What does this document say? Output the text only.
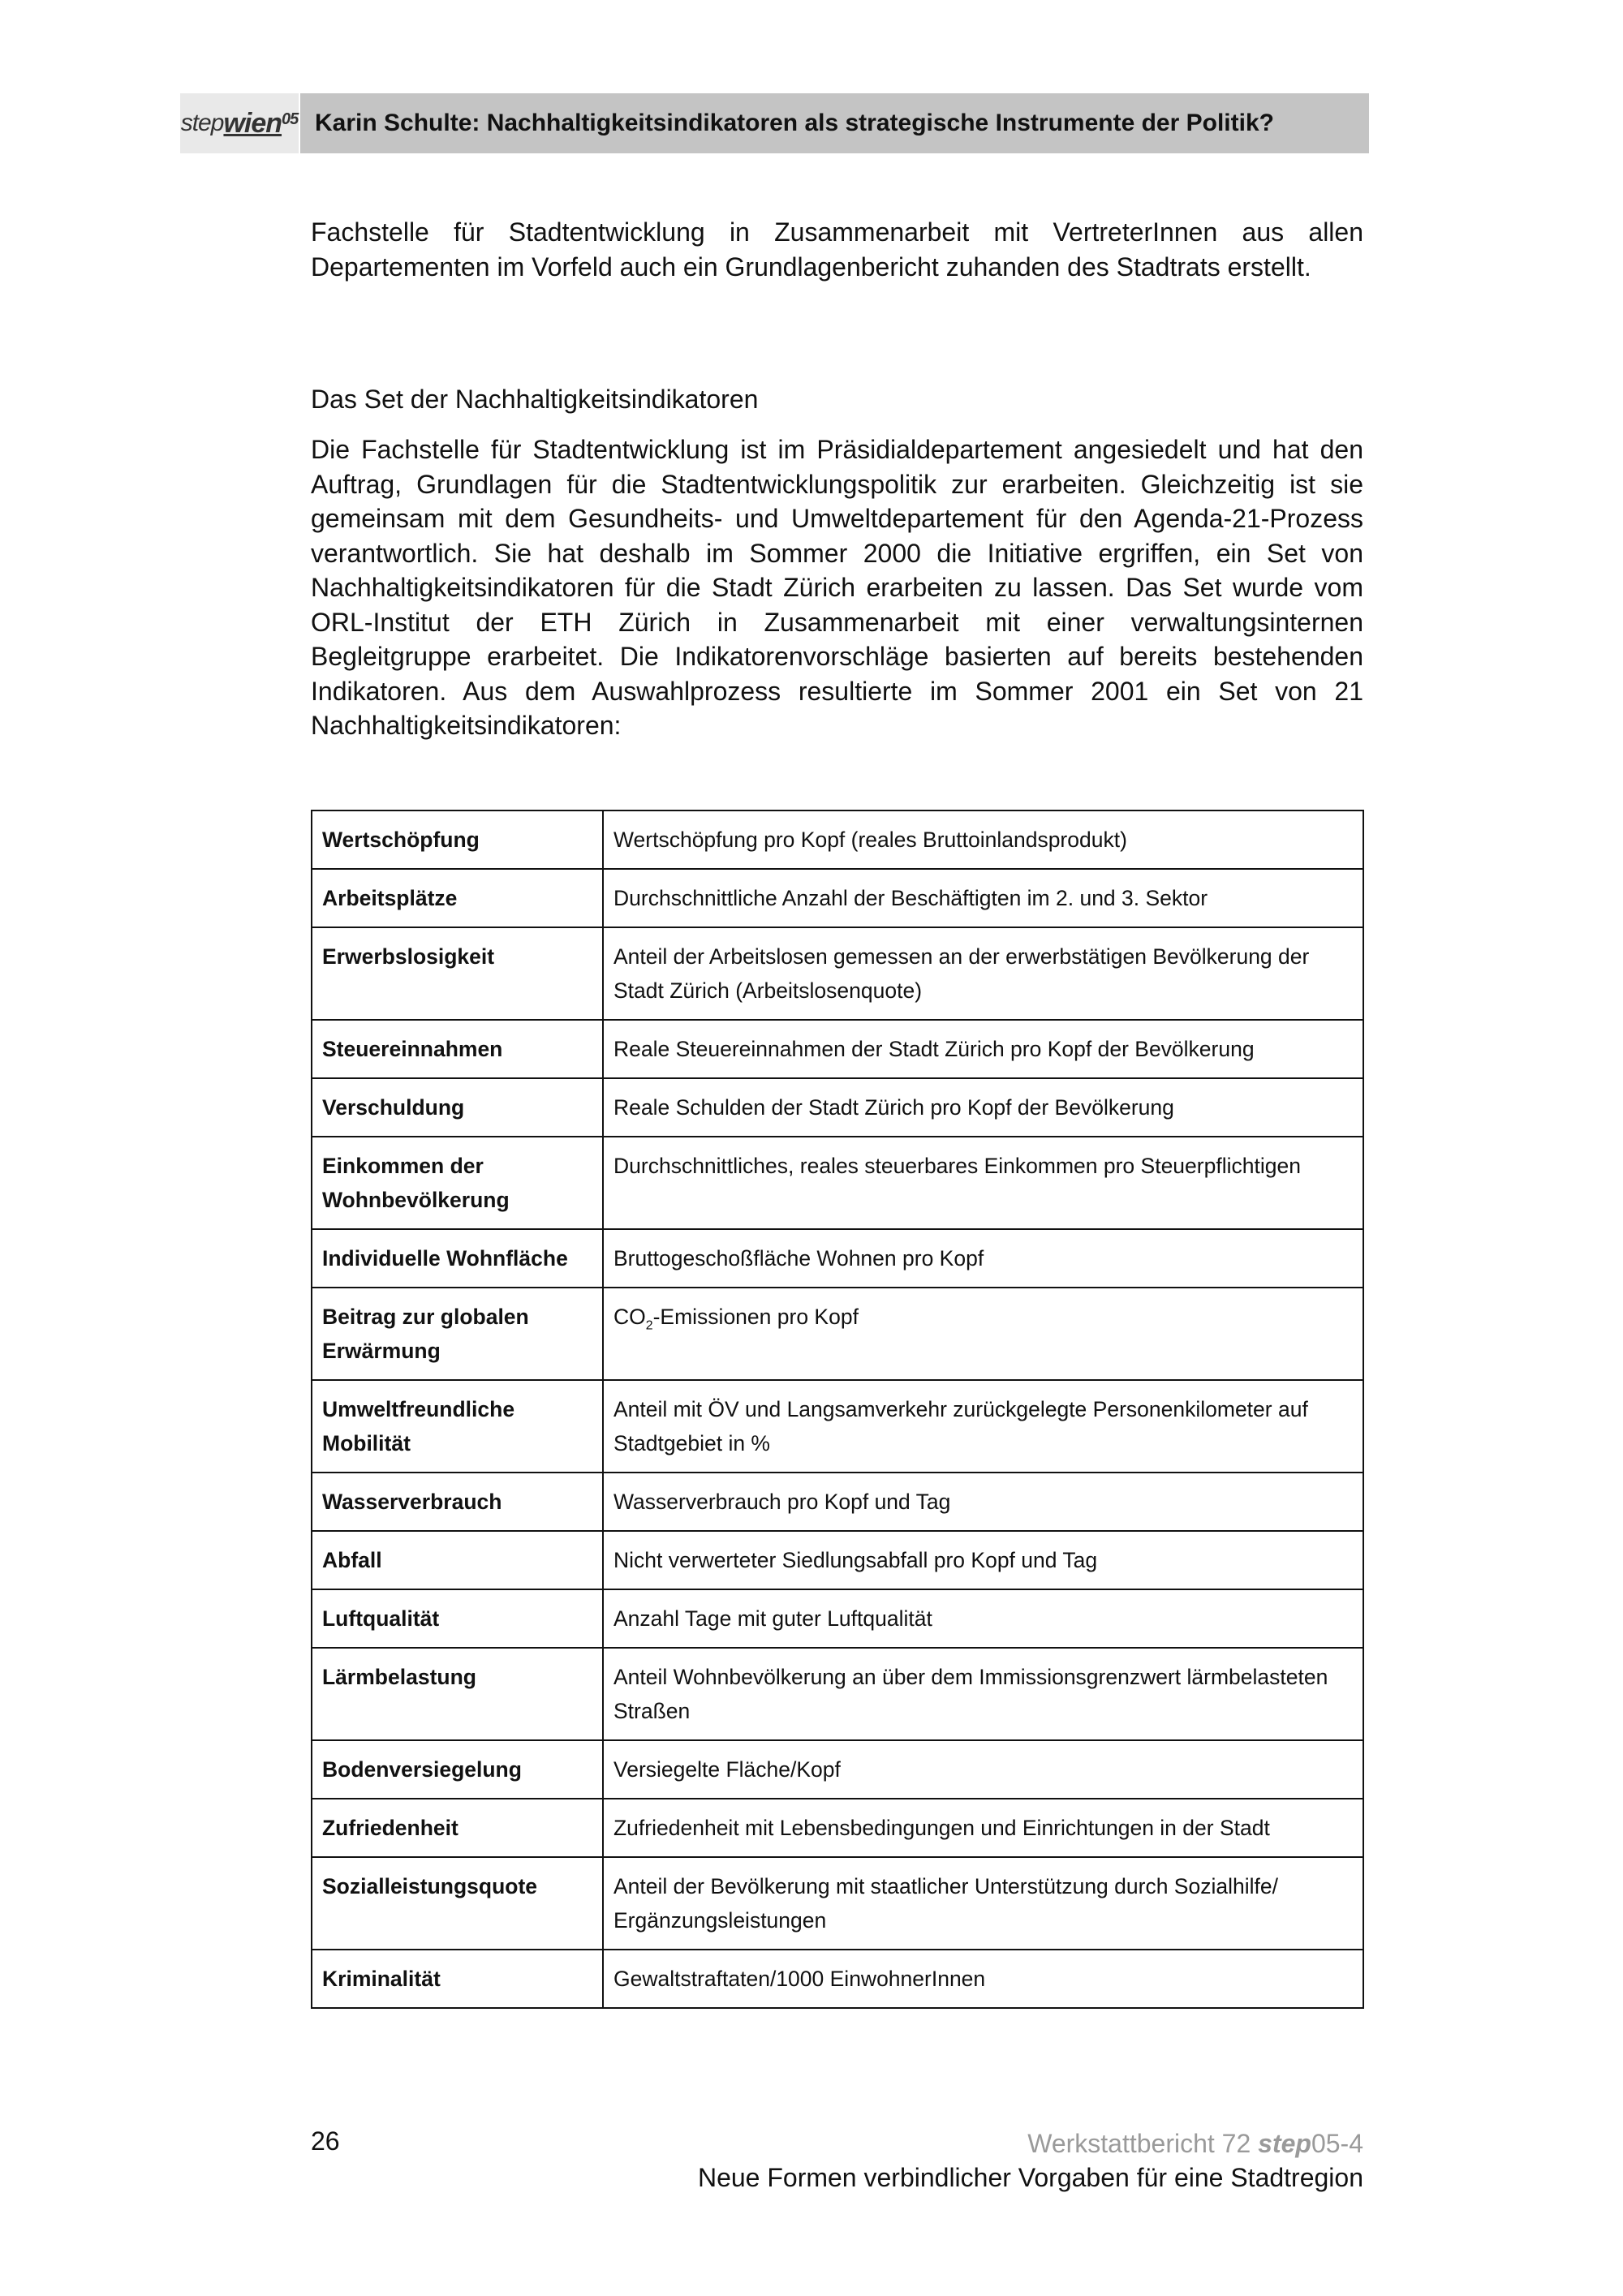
step wien 05 Karin Schulte: Nachhaltigkeitsindikatoren als strategische Instrumente der Politik?

Fachstelle für Stadtentwicklung in Zusammenarbeit mit VertreterInnen aus allen Departementen im Vorfeld auch ein Grundlagenbericht zuhanden des Stadtrats erstellt.

Das Set der Nachhaltigkeitsindikatoren

Die Fachstelle für Stadtentwicklung ist im Präsidialdepartement angesiedelt und hat den Auftrag, Grundlagen für die Stadtentwicklungspolitik zur erarbeiten. Gleichzeitig ist sie gemeinsam mit dem Gesundheits- und Umweltdepartement für den Agenda-21-Prozess verantwortlich. Sie hat deshalb im Sommer 2000 die Initiative ergriffen, ein Set von Nachhaltigkeitsindikatoren für die Stadt Zürich erarbeiten zu lassen. Das Set wurde vom ORL-Institut der ETH Zürich in Zusammenarbeit mit einer verwaltungsinternen Begleitgruppe erarbeitet. Die Indikatorenvorschläge basierten auf bereits bestehenden Indikatoren. Aus dem Auswahlprozess resultierte im Sommer 2001 ein Set von 21 Nachhaltigkeitsindikatoren:

Wertschöpfung	Wertschöpfung pro Kopf (reales Bruttoinlandsprodukt)
Arbeitsplätze	Durchschnittliche Anzahl der Beschäftigten im 2. und 3. Sektor
Erwerbslosigkeit	Anteil der Arbeitslosen gemessen an der erwerbstätigen Bevölkerung der Stadt Zürich (Arbeitslosenquote)
Steuereinnahmen	Reale Steuereinnahmen der Stadt Zürich pro Kopf der Bevölkerung
Verschuldung	Reale Schulden der Stadt Zürich pro Kopf der Bevölkerung
Einkommen der Wohnbevölkerung	Durchschnittliches, reales steuerbares Einkommen pro Steuerpflichtigen
Individuelle Wohnfläche	Bruttogeschoßfläche Wohnen pro Kopf
Beitrag zur globalen Erwärmung	$CO_2$-Emissionen pro Kopf
Umweltfreundliche Mobilität	Anteil mit ÖV und Langsamverkehr zurückgelegte Personenkilometer auf Stadtgebiet in %
Wasserverbrauch	Wasserverbrauch pro Kopf und Tag
Abfall	Nicht verwerteter Siedlungsabfall pro Kopf und Tag
Luftqualität	Anzahl Tage mit guter Luftqualität
Lärmbelastung	Anteil Wohnbevölkerung an über dem Immissionsgrenzwert lärmbelasteten Straßen
Bodenversiegelung	Versiegelte Fläche/Kopf
Zufriedenheit	Zufriedenheit mit Lebensbedingungen und Einrichtungen in der Stadt
Sozialleistungsquote	Anteil der Bevölkerung mit staatlicher Unterstützung durch Sozialhilfe/ Ergänzungsleistungen
Kriminalität	Gewaltstraftaten/1000 EinwohnerInnen
26	Werkstattbericht 72 step05-4
Neue Formen verbindlicher Vorgaben für eine Stadtregion
